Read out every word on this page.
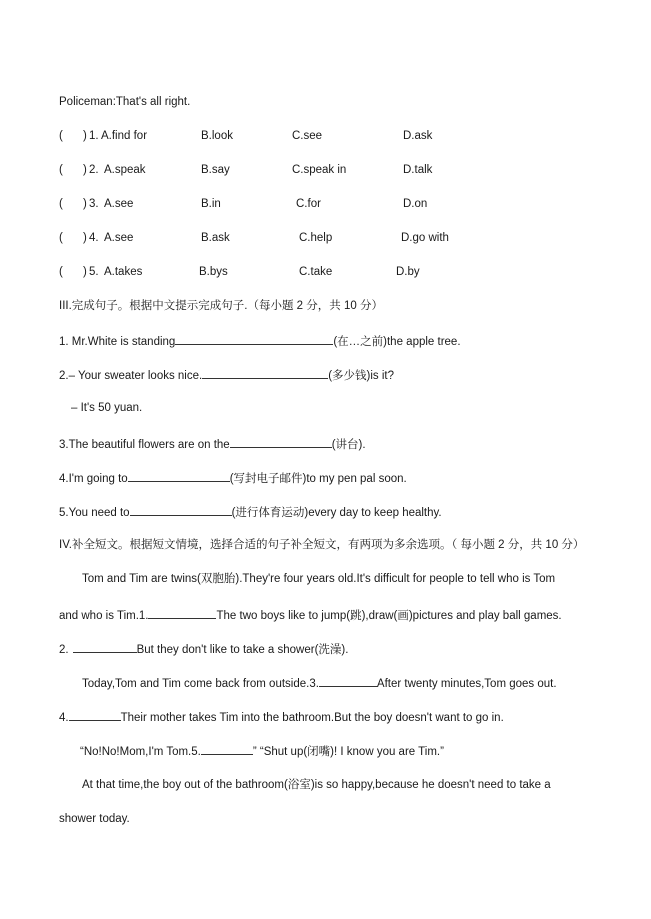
Policeman:That's all right.
( ) 1. A.find for	B.look	C.see	D.ask
( ) 2. A.speak	B.say	C.speak in	D.talk
( ) 3. A.see	B.in	C.for	D.on
( ) 4. A.see	B.ask	C.help	D.go with
( ) 5. A.takes	B.bys	C.take	D.by
III.完成句子。根据中文提示完成句子.（每小题 2 分，共 10 分）
1. Mr.White is standing	(在…之前)the apple tree.
2.– Your sweater looks nice.	(多少钱)is it?
– It's 50 yuan.
3.The beautiful flowers are on the	(讲台).
4.I'm going to	(写封电子邮件)to my pen pal soon.
5.You need to	(进行体育运动)every day to keep healthy.
IV.补全短文。根据短文情境，选择合适的句子补全短文，有两项为多余选项。（ 每小题 2 分，共 10 分）
Tom and Tim are twins(双胞胎).They're four years old.It's difficult for people to tell who is Tom
and who is Tim.1.	The two boys like to jump(跳),draw(画)pictures and play ball games.
2.	But they don't like to take a shower(洗澡).
Today,Tom and Tim come back from outside.3.	After twenty minutes,Tom goes out.
4.	Their mother takes Tim into the bathroom.But the boy doesn't want to go in.
“No!No!Mom,I'm Tom.5.	” “Shut up(闭嘴)! I know you are Tim.”
At that time,the boy out of the bathroom(浴室)is so happy,because he doesn't need to take a
shower today.
